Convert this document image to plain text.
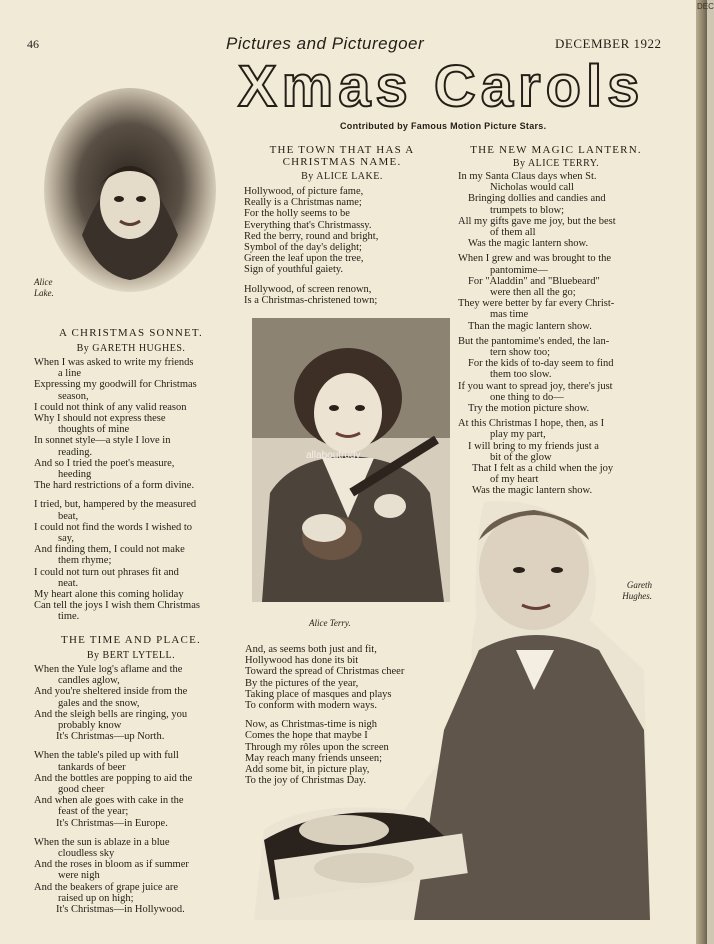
46	Pictures and Picturegoer	DECEMBER 1922
Xmas Carols
Contributed by Famous Motion Picture Stars.
Alice
Lake.
allaboutrudy
Alice Terry.
Gareth
Hughes.
A CHRISTMAS SONNET.
By GARETH HUGHES.
When I was asked to write my friends
a line
Expressing my goodwill for Christmas
season,
I could not think of any valid reason
Why I should not express these
thoughts of mine
In sonnet style—a style I love in
reading.
And so I tried the poet's measure,
heeding
The hard restrictions of a form divine.
I tried, but, hampered by the measured
beat,
I could not find the words I wished to
say,
And finding them, I could not make
them rhyme;
I could not turn out phrases fit and
neat.
My heart alone this coming holiday
Can tell the joys I wish them Christmas
time.
THE TIME AND PLACE.
By BERT LYTELL.
When the Yule log's aflame and the
candles aglow,
And you're sheltered inside from the
gales and the snow,
And the sleigh bells are ringing, you
probably know
It's Christmas—up North.
When the table's piled up with full
tankards of beer
And the bottles are popping to aid the
good cheer
And when ale goes with cake in the
feast of the year;
It's Christmas—in Europe.
When the sun is ablaze in a blue
cloudless sky
And the roses in bloom as if summer
were nigh
And the beakers of grape juice are
raised up on high;
It's Christmas—in Hollywood.
THE TOWN THAT HAS A
CHRISTMAS NAME.
By ALICE LAKE.
Hollywood, of picture fame,
Really is a Christmas name;
For the holly seems to be
Everything that's Christmassy.
Red the berry, round and bright,
Symbol of the day's delight;
Green the leaf upon the tree,
Sign of youthful gaiety.
Hollywood, of screen renown,
Is a Christmas-christened town;
And, as seems both just and fit,
Hollywood has done its bit
Toward the spread of Christmas cheer
By the pictures of the year,
Taking place of masques and plays
To conform with modern ways.
Now, as Christmas-time is nigh
Comes the hope that maybe I
Through my rôles upon the screen
May reach many friends unseen;
Add some bit, in picture play,
To the joy of Christmas Day.
THE NEW MAGIC LANTERN.
By ALICE TERRY.
In my Santa Claus days when St.
Nicholas would call
Bringing dollies and candies and
trumpets to blow;
All my gifts gave me joy, but the best
of them all
Was the magic lantern show.
When I grew and was brought to the
pantomime—
For "Aladdin" and "Bluebeard"
were then all the go;
They were better by far every Christ-
mas time
Than the magic lantern show.
But the pantomime's ended, the lan-
tern show too;
For the kids of to-day seem to find
them too slow.
If you want to spread joy, there's just
one thing to do—
Try the motion picture show.
At this Christmas I hope, then, as I
play my part,
I will bring to my friends just a
bit of the glow
That I felt as a child when the joy
of my heart
Was the magic lantern show.
DEC
